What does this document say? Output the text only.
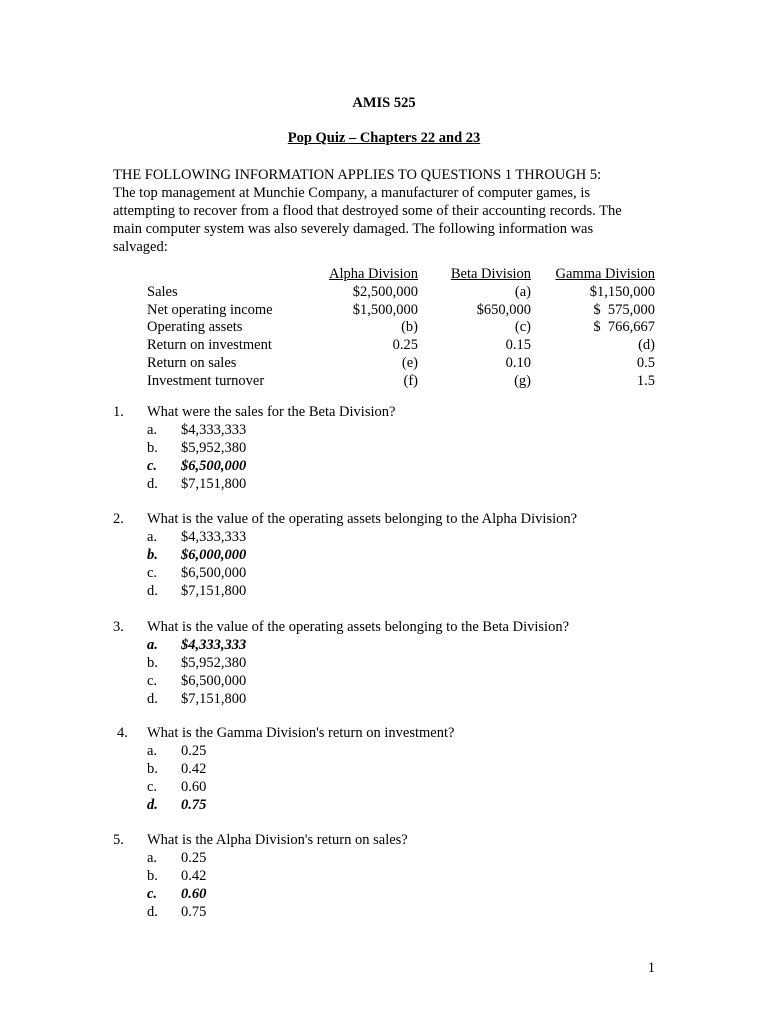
AMIS 525
Pop Quiz – Chapters 22 and 23
THE FOLLOWING INFORMATION APPLIES TO QUESTIONS 1 THROUGH 5:
The top management at Munchie Company, a manufacturer of computer games, is
attempting to recover from a flood that destroyed some of their accounting records. The
main computer system was also severely damaged. The following information was
salvaged:
Alpha Division	Beta Division	Gamma Division
Sales	$2,500,000	(a)	$1,150,000
Net operating income	$1,500,000	$650,000	$  575,000
Operating assets	(b)	(c)	$  766,667
Return on investment	0.25	0.15	(d)
Return on sales	(e)	0.10	0.5
Investment turnover	(f)	(g)	1.5
1.	What were the sales for the Beta Division?
a.	$4,333,333
b.	$5,952,380
c.	$6,500,000
d.	$7,151,800
2.	What is the value of the operating assets belonging to the Alpha Division?
a.	$4,333,333
b.	$6,000,000
c.	$6,500,000
d.	$7,151,800
3.	What is the value of the operating assets belonging to the Beta Division?
a.	$4,333,333
b.	$5,952,380
c.	$6,500,000
d.	$7,151,800
4.	What is the Gamma Division's return on investment?
a.	0.25
b.	0.42
c.	0.60
d.	0.75
5.	What is the Alpha Division's return on sales?
a.	0.25
b.	0.42
c.	0.60
d.	0.75
1
